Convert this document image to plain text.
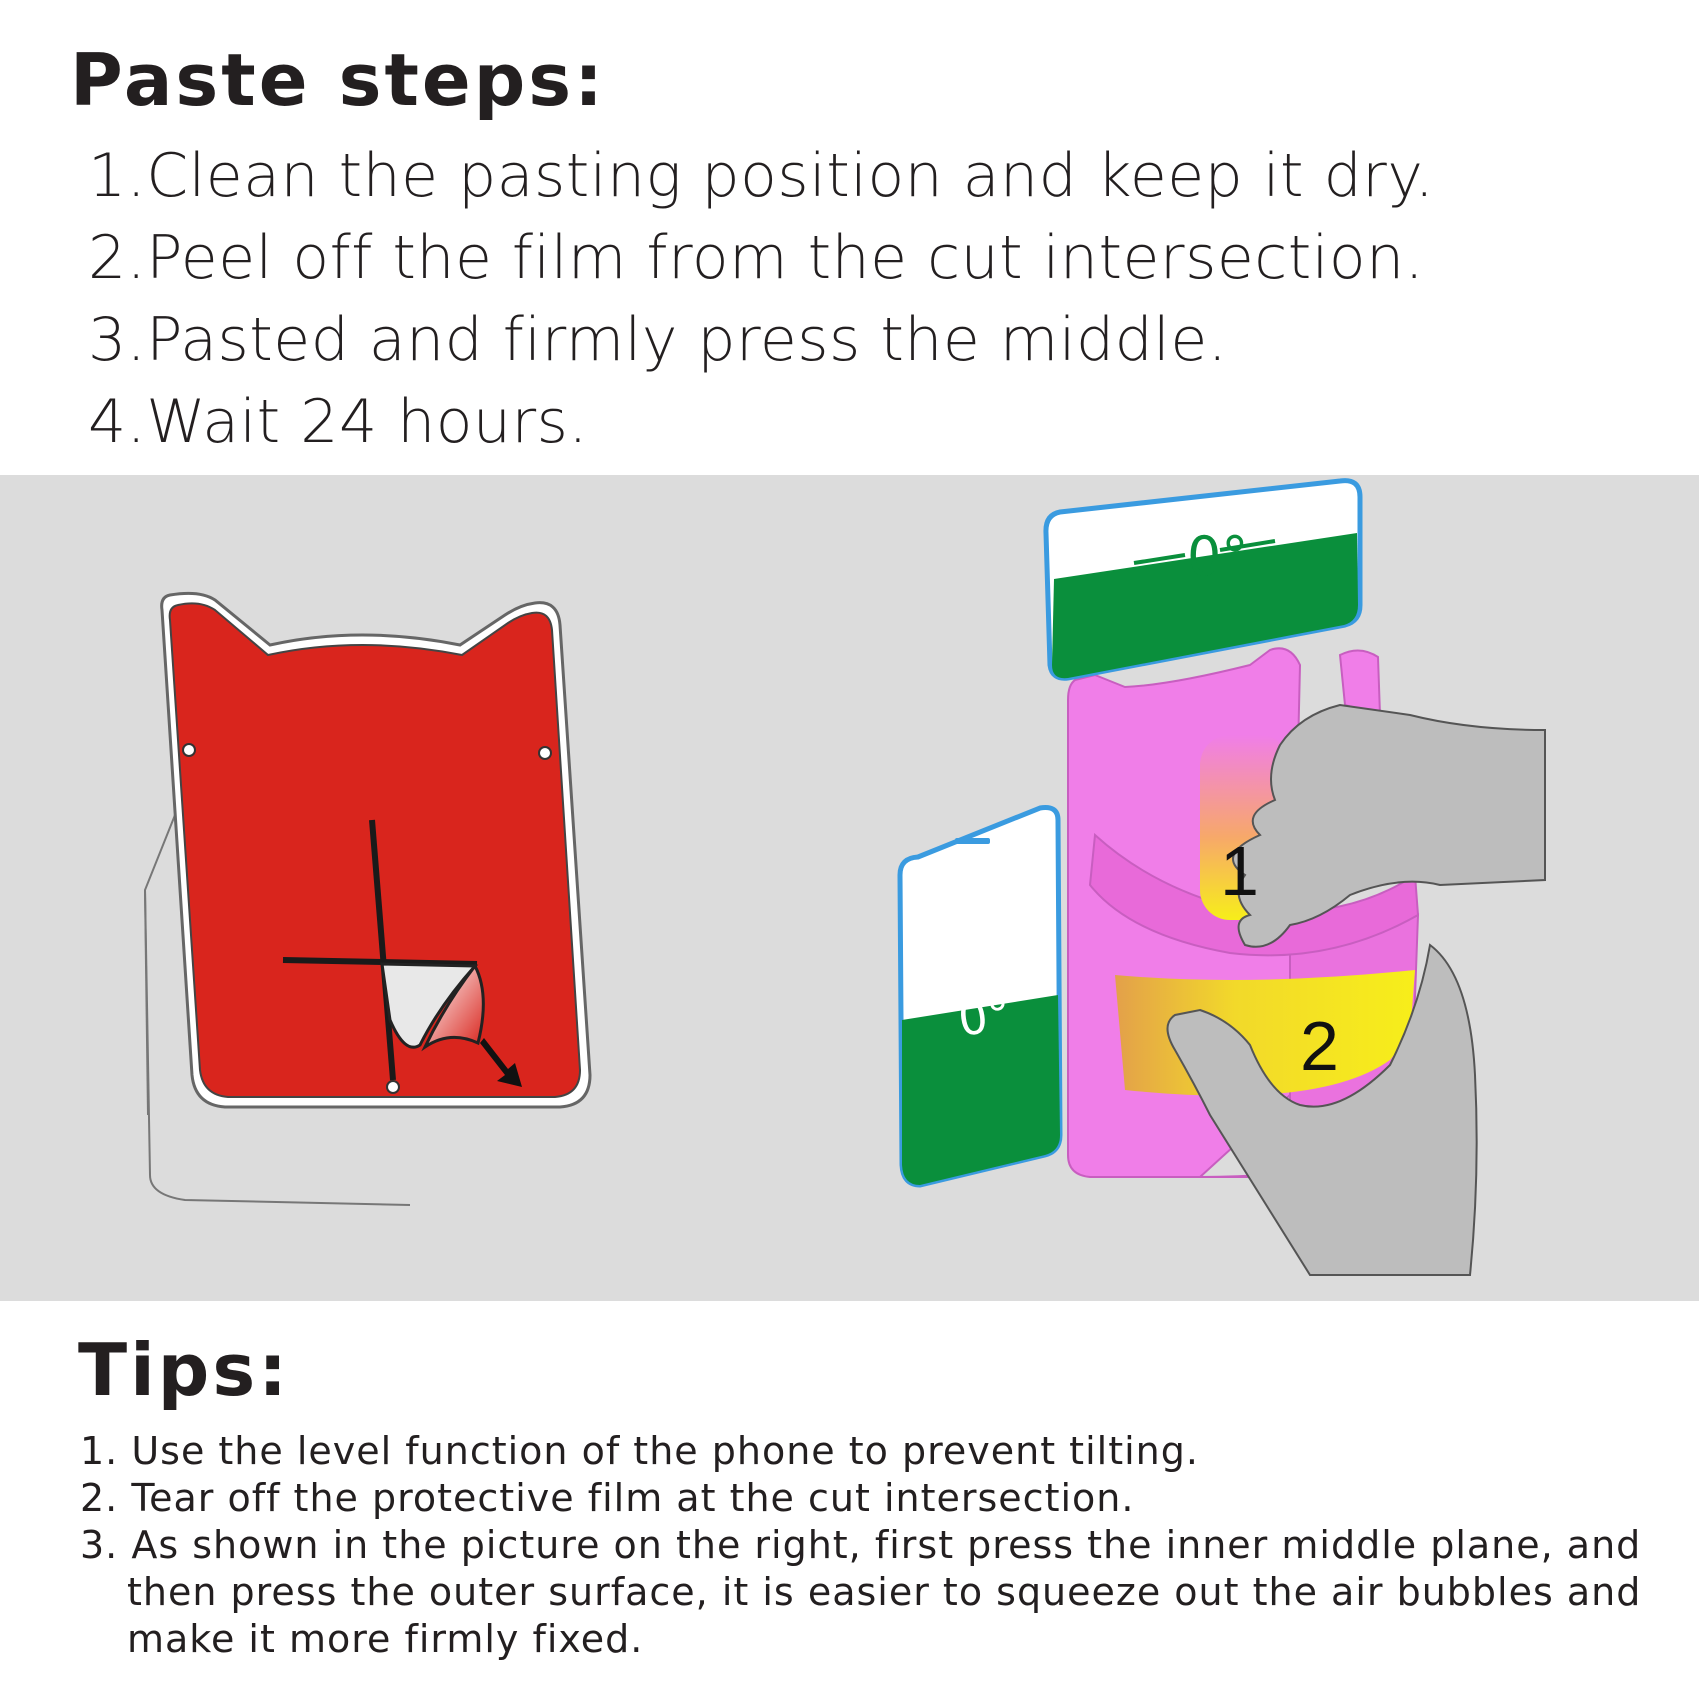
Paste steps:
1.Clean the pasting position and keep it dry.
2.Peel off the film from the cut intersection.
3.Pasted and firmly press the middle.
4.Wait 24 hours.
0°
0°
1
2
Tips:
1. Use the level function of the phone to prevent tilting.
2. Tear off the protective film at the cut intersection.
3. As shown in the picture on the right, first press the inner middle plane, and then press the outer surface, it is easier to squeeze out the air bubbles and make it more firmly fixed.
